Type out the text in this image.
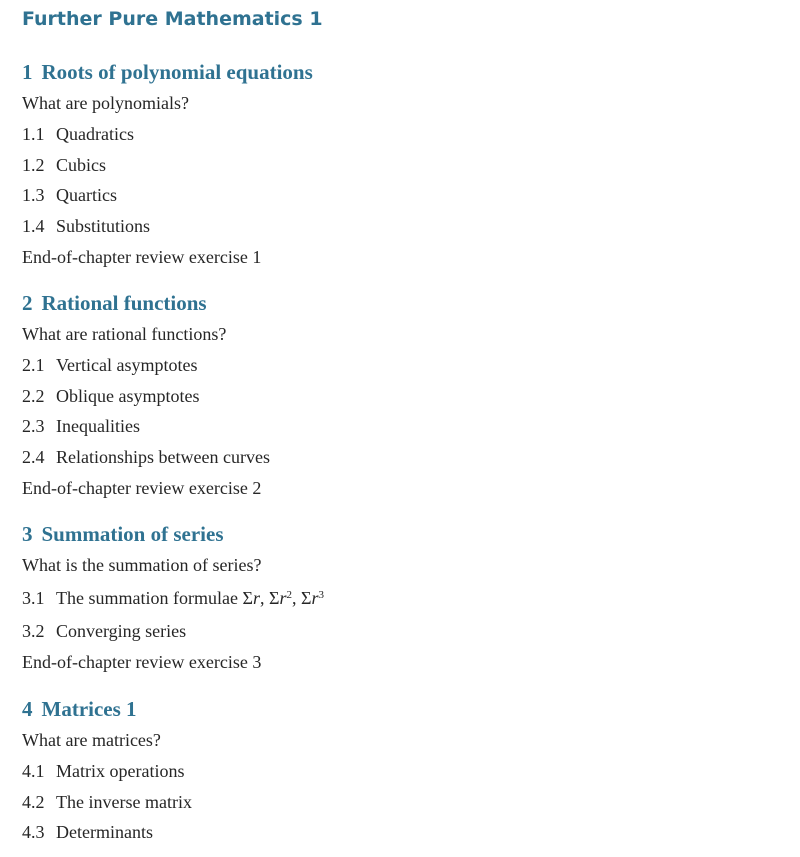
Further Pure Mathematics 1
1 Roots of polynomial equations
What are polynomials?
1.1 Quadratics
1.2 Cubics
1.3 Quartics
1.4 Substitutions
End-of-chapter review exercise 1
2 Rational functions
What are rational functions?
2.1 Vertical asymptotes
2.2 Oblique asymptotes
2.3 Inequalities
2.4 Relationships between curves
End-of-chapter review exercise 2
3 Summation of series
What is the summation of series?
3.1 The summation formulae Σr, $\Sigma r^2$, $\Sigma r^3$
3.2 Converging series
End-of-chapter review exercise 3
4 Matrices 1
What are matrices?
4.1 Matrix operations
4.2 The inverse matrix
4.3 Determinants
